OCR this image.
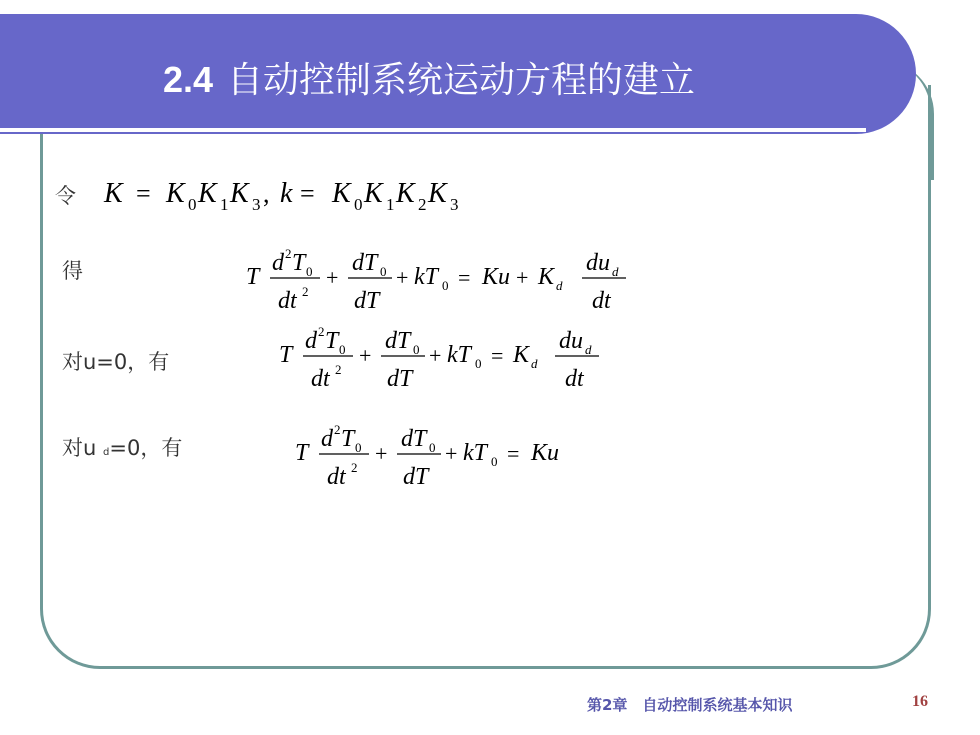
2.4 自动控制系统运动方程的建立
令
得
对u=0，有
对u d=0，有
K = K 0 K 1 K 3 , k = K 0 K 1 K 2 K 3
T
d 2 T 0
dt 2
+
dT 0
dT
+ kT 0 = Ku + K d
du d
dt
T
d 2 T 0
dt 2
+
dT 0
dT
+ kT 0 = K d
du d
dt
T
d 2 T 0
dt 2
+
dT 0
dT
+ kT 0 = Ku
第2章　自动控制系统基本知识	16
